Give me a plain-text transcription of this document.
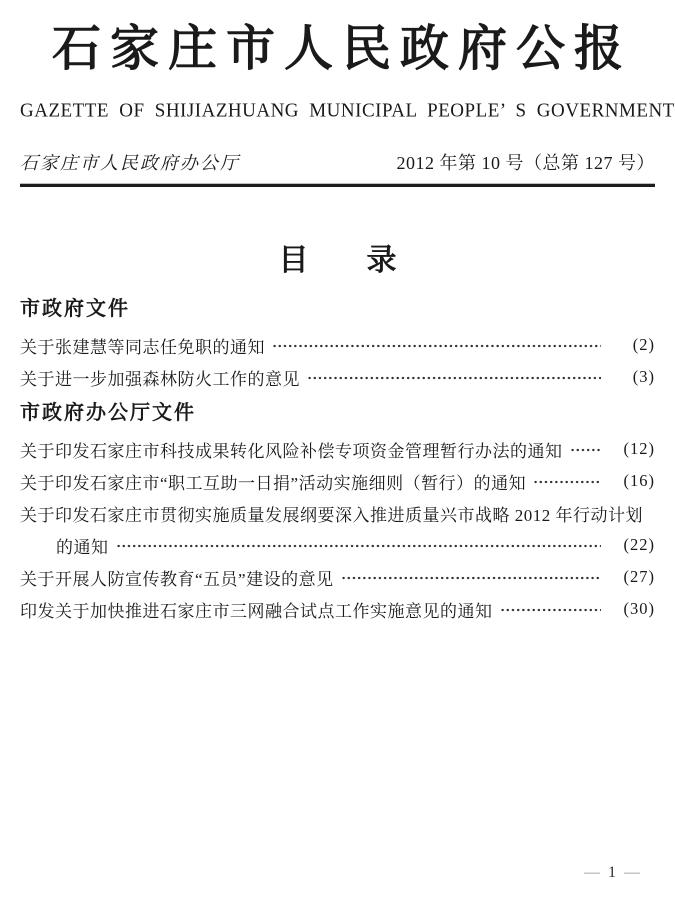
石家庄市人民政府公报
GAZETTE OF SHIJIAZHUANG MUNICIPAL PEOPLE’ S GOVERNMENT
石家庄市人民政府办公厅	2012 年第 10 号（总第 127 号）
目 录
市政府文件
关于张建慧等同志任免职的通知	(2)
关于进一步加强森林防火工作的意见	(3)
市政府办公厅文件
关于印发石家庄市科技成果转化风险补偿专项资金管理暂行办法的通知	(12)
关于印发石家庄市“职工互助一日捐”活动实施细则（暂行）的通知	(16)
关于印发石家庄市贯彻实施质量发展纲要深入推进质量兴市战略 2012 年行动计划
的通知	(22)
关于开展人防宣传教育“五员”建设的意见	(27)
印发关于加快推进石家庄市三网融合试点工作实施意见的通知	(30)
— 1 —
